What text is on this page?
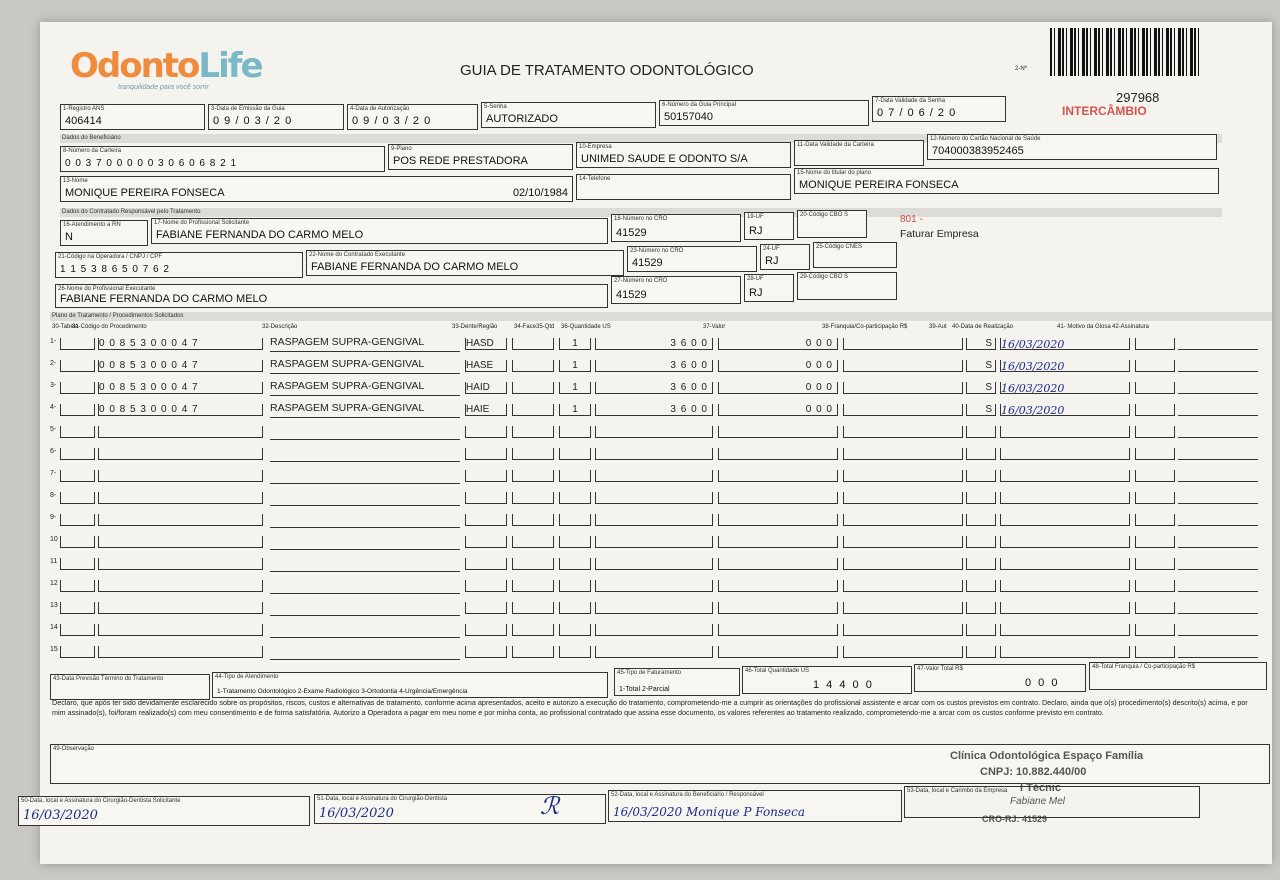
OdontoLife
tranquilidade para você sorrir
GUIA DE TRATAMENTO ODONTOLÓGICO	2-Nº
297968
INTERCÂMBIO
1-Registro ANS
406414
3-Data de Emissão da Guia
0 9 / 0 3 / 2 0
4-Data de Autorização
0 9 / 0 3 / 2 0
5-Senha
AUTORIZADO
6-Número da Guia Principal
50157040
7-Data Validade da Senha
0 7 / 0 6 / 2 0
Dados do Beneficiário
8-Número da Carteira
0 0 3 7 0 0 0 0 0 3 0 6 0 6 8 2 1
9-Plano
POS REDE PRESTADORA
10-Empresa
UNIMED SAUDE E ODONTO S/A
11-Data Validade da Carteira
12-Número do Cartão Nacional de Saúde
704000383952465
13-Nome
MONIQUE PEREIRA FONSECA	02/10/1984
14-Telefone
15-Nome do titular do plano
MONIQUE PEREIRA FONSECA
Dados do Contratado Responsável pelo Tratamento
16-Atendimento a RN
N
17-Nome do Profissional Solicitante
FABIANE FERNANDA DO CARMO MELO
18-Número no CRO
41529
19-UF
RJ
20-Código CBO S	801 -
Faturar Empresa
21-Código na Operadora / CNPJ / CPF
1 1 5 3 8 6 5 0 7 6 2
22-Nome do Contratado Executante
FABIANE FERNANDA DO CARMO MELO
23-Número no CRO
41529
24-UF
RJ
25-Código CNES
26-Nome do Profissional Executante
FABIANE FERNANDA DO CARMO MELO
27-Número no CRO
41529
28-UF
RJ
29-Código CBO S
Plano de Tratamento / Procedimentos Solicitados
30-Tabela
31-Código do Procedimento	32-Descrição	33-Dente/Região	34-Face 35-Qtd 36-Quantidade US	37-Valor	38-Franquia/Co-participação R$	39-Aut 40-Data de Realização	41- Motivo da Glosa 42-Assinatura
1-	0 0 8 5 3 0 0 0 4 7	RASPAGEM SUPRA-GENGIVAL	HASD	1	3 6 0 0	0 0 0	S 16/03/2020
2-	0 0 8 5 3 0 0 0 4 7	RASPAGEM SUPRA-GENGIVAL	HASE	1	3 6 0 0	0 0 0	S 16/03/2020
3-	0 0 8 5 3 0 0 0 4 7	RASPAGEM SUPRA-GENGIVAL	HAID	1	3 6 0 0	0 0 0	S 16/03/2020
4-	0 0 8 5 3 0 0 0 4 7	RASPAGEM SUPRA-GENGIVAL	HAIE	1	3 6 0 0	0 0 0	S 16/03/2020
5-
6-
7-
8-
9-
10
11
12
13
14
15
43-Data Previsão Término do Tratamento	44-Tipo de Atendimento
1-Tratamento Odontológico 2-Exame Radiológico 3-Ortodontia 4-Urgência/Emergência
45-Tipo de Faturamento
1-Total 2-Parcial
46-Total Quantidade US
1 4 4 0 0
47-Valor Total R$
0 0 0
48-Total Franquia / Co-participação R$
Declaro, que após ter sido devidamente esclarecido sobre os propósitos, riscos, custos e alternativas de tratamento, conforme acima apresentados, aceito e autorizo a execução do tratamento, comprometendo-me a cumprir as orientações do profissional assistente e arcar com os custos previstos em contrato. Declaro, ainda que o(s) procedimento(s) descrito(s) acima, e por mim assinado(s), foi/foram realizado(s) com meu consentimento e de forma satisfatória. Autorizo a Operadora a pagar em meu nome e por minha conta, ao profissional contratado que assina esse documento, os valores referentes ao tratamento realizado, comprometendo-me a arcar com os custos conforme previsto em contrato.
49-Observação
Clínica Odontológica Espaço Família
CNPJ: 10.882.440/00
l Técnic
Fabiane Mel
CRO-RJ: 41529
50-Data, local e Assinatura do Cirurgião-Dentista Solicitante
16/03/2020
51-Data, local e Assinatura do Cirurgião-Dentista
16/03/2020	ℛ	52-Data, local e Assinatura do Beneficiário / Responsável
16/03/2020 Monique P Fonseca
53-Data, local e Carimbo da Empresa
